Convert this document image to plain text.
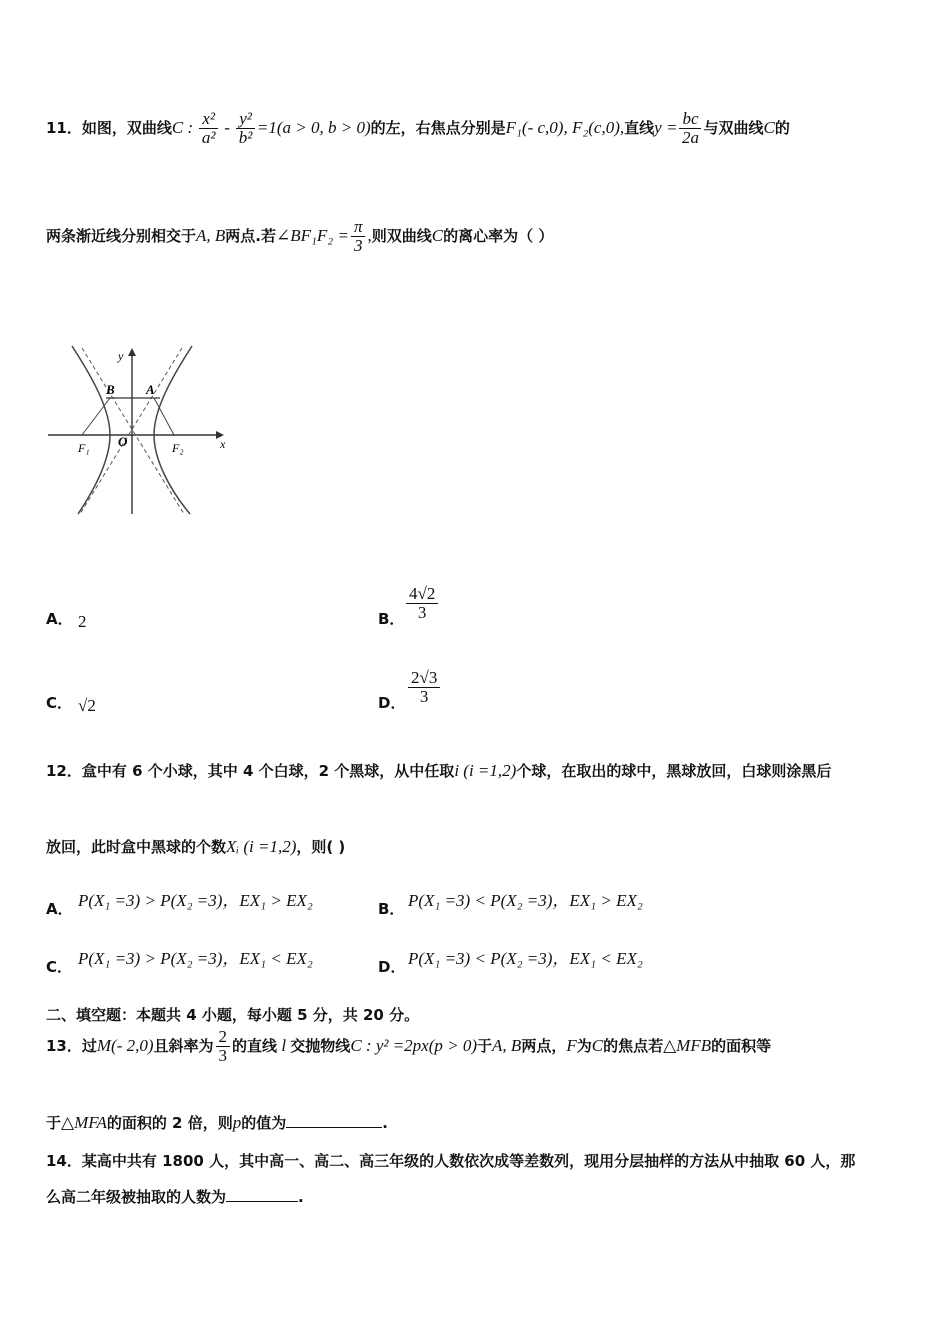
11．如图，双曲线C : $\frac{\text{x²}}{\text{a²}} - \frac{\text{y²}}{\text{b²}} =1(a > 0$, b > 0)的左，右焦点分别是F₁(- c,0), F₂(c,0),直线$y = \frac{bc}{2a}$ 与双曲线C的
两条渐近线分别相交于A, B两点.若∠BF₁F₂ = $\frac{\pi}{3}$ ,则双曲线C的离心率为（ ）
y
x
B A
O
F₁	F₂
A． 2	B． $\frac{4√2}{3}$
C． √2	D． $\frac{2√3}{3}$
12．盒中有 6 个小球，其中 4 个白球，2 个黑球，从中任取i (i =1,2)个球，在取出的球中，黑球放回，白球则涂黑后
放回，此时盒中黑球的个数Xᵢ (i =1,2)，则( )
A． P(X₁ =3) > P(X₂ =3)，EX₁ > EX₂	B． P(X₁ =3) < P(X₂ =3)，EX₁ > EX₂
C． P(X₁ =3) > P(X₂ =3)，EX₁ < EX₂	D． P(X₁ =3) < P(X₂ =3)，EX₁ < EX₂
二、填空题：本题共 4 小题，每小题 5 分，共 20 分。
13．过M(- 2,0)且斜率为 $\frac{2}{3}$ 的直线 l 交抛物线C : y² =2px(p > 0)于A, B两点，F为C的焦点若△MFB的面积等
于△MFA的面积的 2 倍，则p的值为	.
14．某高中共有 1800 人，其中高一、高二、高三年级的人数依次成等差数列，现用分层抽样的方法从中抽取 60 人，那
么高二年级被抽取的人数为	.
